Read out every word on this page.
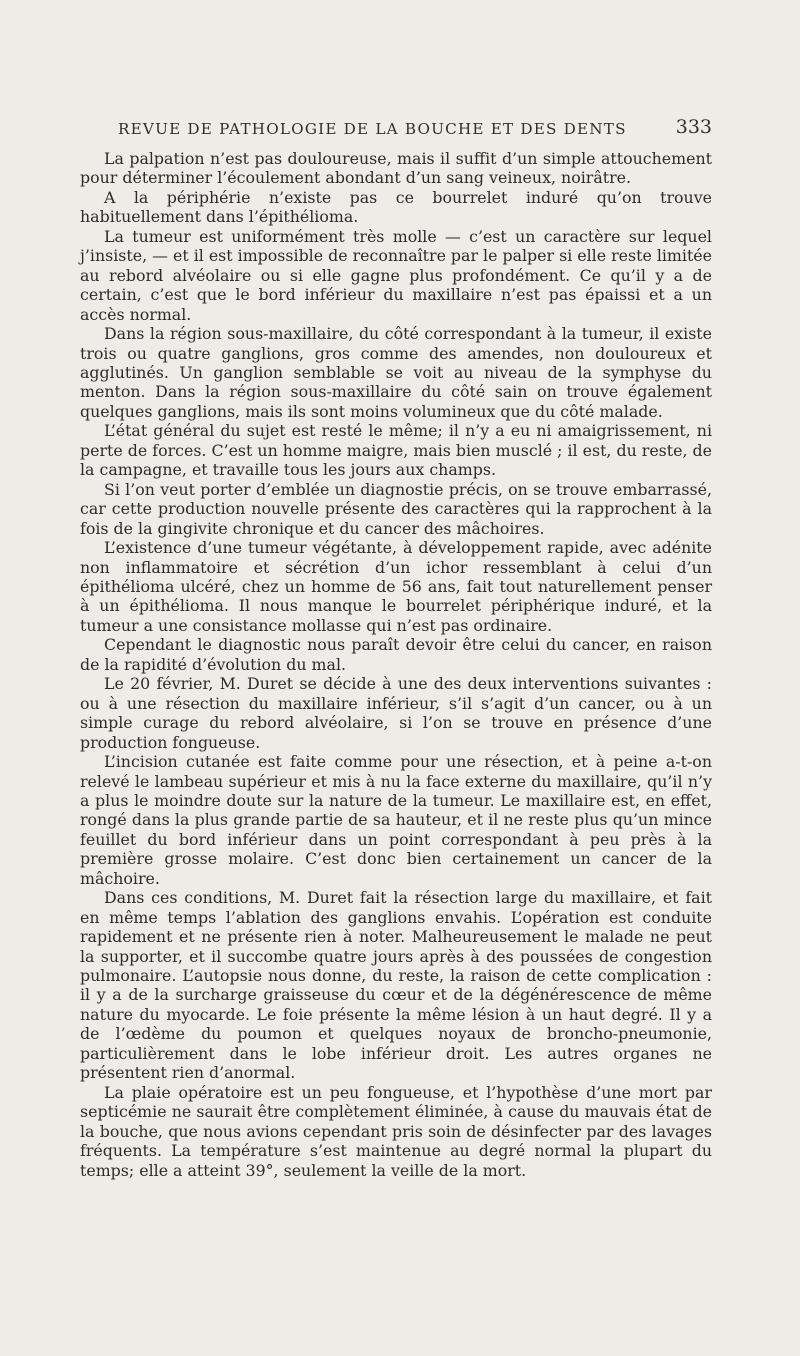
REVUE DE PATHOLOGIE DE LA BOUCHE ET DES DENTS	333

La palpation n’est pas douloureuse, mais il suffit d’un simple attouchement pour déterminer l’écoulement abondant d’un sang veineux, noirâtre.

A la périphérie n’existe pas ce bourrelet induré qu’on trouve habituellement dans l’épithélioma.

La tumeur est uniformément très molle — c’est un caractère sur lequel j’insiste, — et il est impossible de reconnaître par le palper si elle reste limitée au rebord alvéolaire ou si elle gagne plus profondément. Ce qu’il y a de certain, c’est que le bord inférieur du maxillaire n’est pas épaissi et a un accès normal.

Dans la région sous-maxillaire, du côté correspondant à la tumeur, il existe trois ou quatre ganglions, gros comme des amendes, non douloureux et agglutinés. Un ganglion semblable se voit au niveau de la symphyse du menton. Dans la région sous-maxillaire du côté sain on trouve également quelques ganglions, mais ils sont moins volumineux que du côté malade.

L’état général du sujet est resté le même; il n’y a eu ni amaigrissement, ni perte de forces. C’est un homme maigre, mais bien musclé ; il est, du reste, de la campagne, et travaille tous les jours aux champs.

Si l’on veut porter d’emblée un diagnostie précis, on se trouve embarrassé, car cette production nouvelle présente des caractères qui la rapprochent à la fois de la gingivite chronique et du cancer des mâchoires.

L’existence d’une tumeur végétante, à développement rapide, avec adénite non inflammatoire et sécrétion d’un ichor ressemblant à celui d’un épithélioma ulcéré, chez un homme de 56 ans, fait tout naturellement penser à un épithélioma. Il nous manque le bourrelet périphérique induré, et la tumeur a une consistance mollasse qui n’est pas ordinaire.

Cependant le diagnostic nous paraît devoir être celui du cancer, en raison de la rapidité d’évolution du mal.

Le 20 février, M. Duret se décide à une des deux interventions suivantes : ou à une résection du maxillaire inférieur, s’il s’agit d’un cancer, ou à un simple curage du rebord alvéolaire, si l’on se trouve en présence d’une production fongueuse.

L’incision cutanée est faite comme pour une résection, et à peine a-t-on relevé le lambeau supérieur et mis à nu la face externe du maxillaire, qu’il n’y a plus le moindre doute sur la nature de la tumeur. Le maxillaire est, en effet, rongé dans la plus grande partie de sa hauteur, et il ne reste plus qu’un mince feuillet du bord inférieur dans un point correspondant à peu près à la première grosse molaire. C’est donc bien certainement un cancer de la mâchoire.

Dans ces conditions, M. Duret fait la résection large du maxillaire, et fait en même temps l’ablation des ganglions envahis. L’opération est conduite rapidement et ne présente rien à noter. Malheureusement le malade ne peut la supporter, et il succombe quatre jours après à des poussées de congestion pulmonaire. L’autopsie nous donne, du reste, la raison de cette complication : il y a de la surcharge graisseuse du cœur et de la dégénérescence de même nature du myocarde. Le foie présente la même lésion à un haut degré. Il y a de l’œdème du poumon et quelques noyaux de broncho-pneumonie, particulièrement dans le lobe inférieur droit. Les autres organes ne présentent rien d’anormal.

La plaie opératoire est un peu fongueuse, et l’hypothèse d’une mort par septicémie ne saurait être complètement éliminée, à cause du mauvais état de la bouche, que nous avions cependant pris soin de désinfecter par des lavages fréquents. La température s’est maintenue au degré normal la plupart du temps; elle a atteint 39°, seulement la veille de la mort.
